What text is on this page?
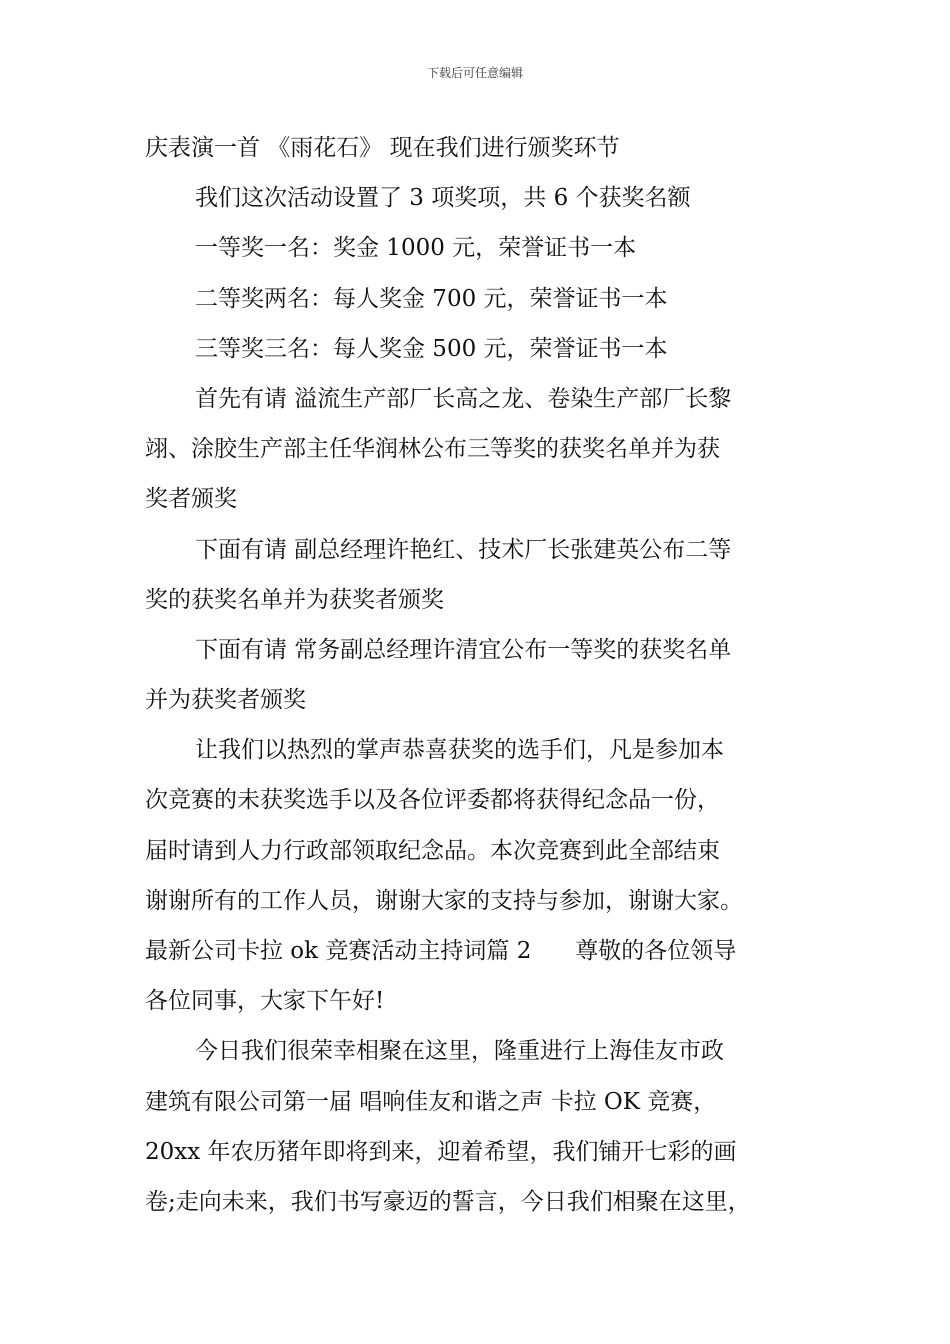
下载后可任意编辑
庆表演一首 《雨花石》 现在我们进行颁奖环节
我们这次活动设置了 3 项奖项，共 6 个获奖名额
一等奖一名：奖金 1000 元，荣誉证书一本
二等奖两名：每人奖金 700 元，荣誉证书一本
三等奖三名：每人奖金 500 元，荣誉证书一本
首先有请 溢流生产部厂长高之龙、卷染生产部厂长黎
翊、涂胶生产部主任华润林公布三等奖的获奖名单并为获
奖者颁奖
下面有请 副总经理许艳红、技术厂长张建英公布二等
奖的获奖名单并为获奖者颁奖
下面有请 常务副总经理许清宜公布一等奖的获奖名单
并为获奖者颁奖
让我们以热烈的掌声恭喜获奖的选手们，凡是参加本
次竞赛的未获奖选手以及各位评委都将获得纪念品一份，
届时请到人力行政部领取纪念品。本次竞赛到此全部结束
谢谢所有的工作人员，谢谢大家的支持与参加，谢谢大家。
最新公司卡拉 ok 竞赛活动主持词篇 2      尊敬的各位领导
各位同事，大家下午好!
今日我们很荣幸相聚在这里，隆重进行上海佳友市政
建筑有限公司第一届 唱响佳友和谐之声 卡拉 OK 竞赛，
20xx 年农历猪年即将到来，迎着希望，我们铺开七彩的画
卷;走向未来，我们书写豪迈的誓言，今日我们相聚在这里，
